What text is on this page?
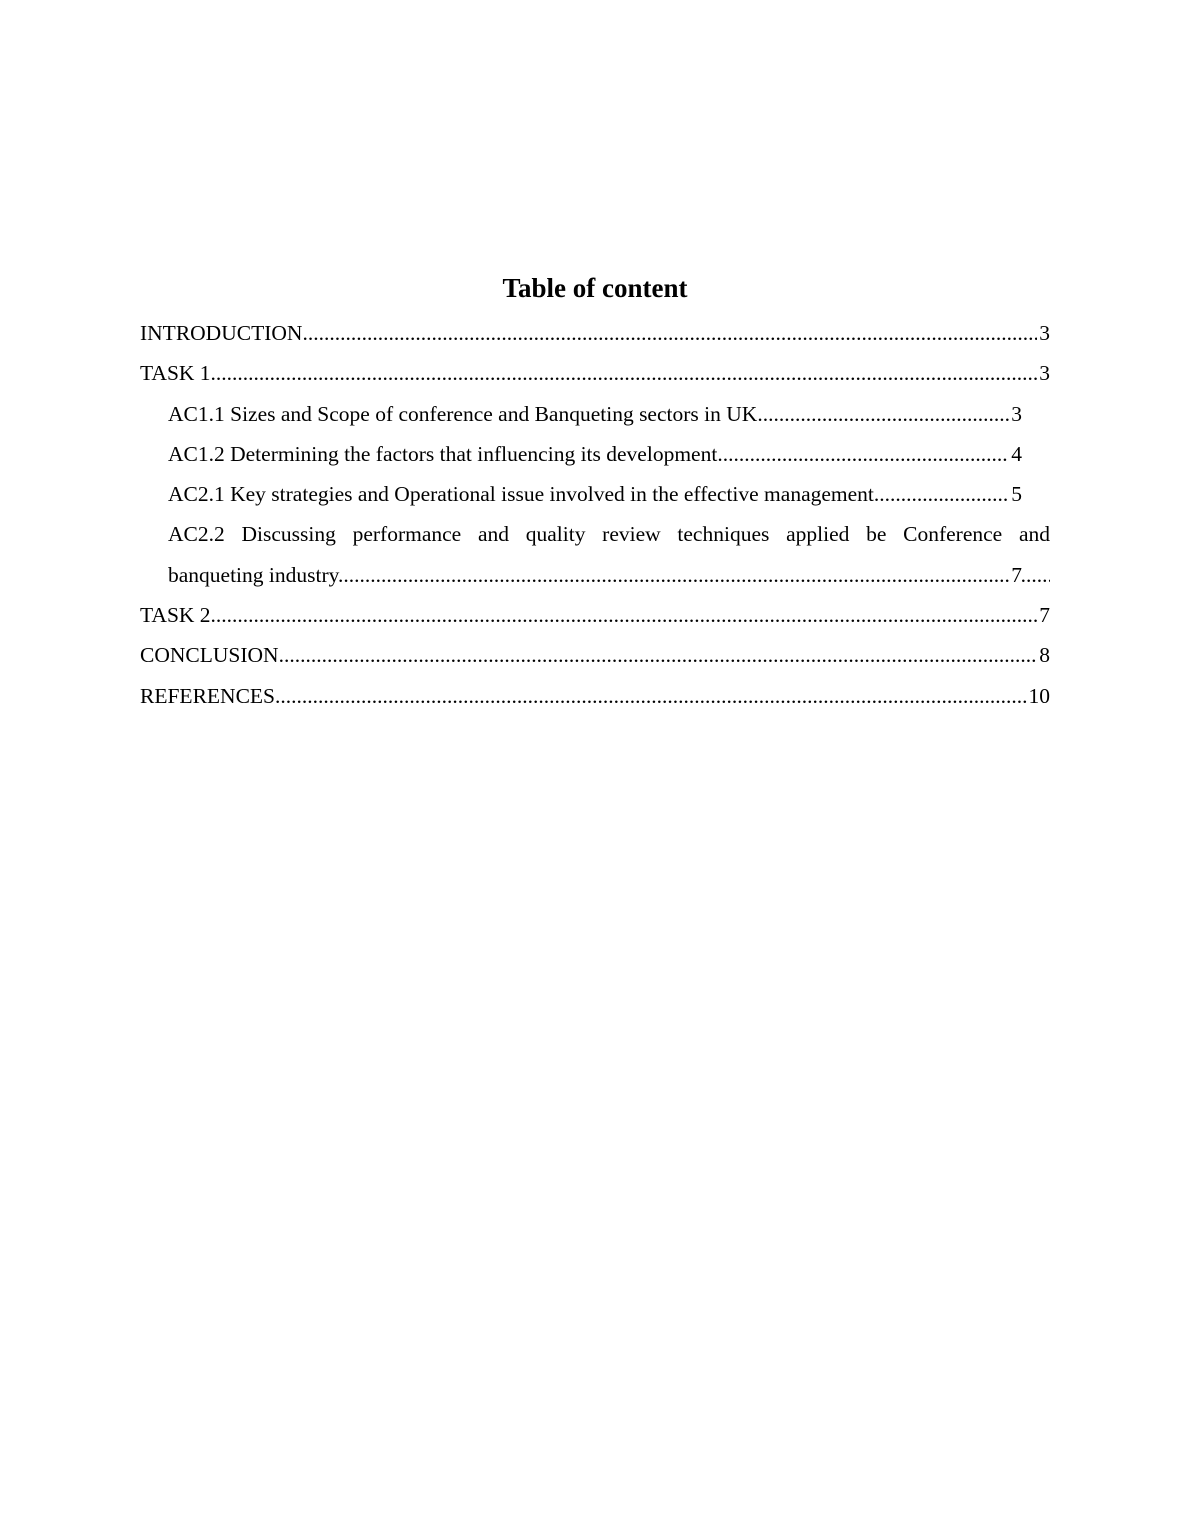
Table of content
INTRODUCTION .....	3
TASK 1 .....	3
AC1.1 Sizes and Scope of conference and Banqueting sectors in UK .....	3
AC1.2 Determining the factors that influencing its development .....	4
AC2.1 Key strategies and Operational issue involved in the effective management .....	5
AC2.2 Discussing performance and quality review techniques applied be Conference and
banqueting industry .....	7
TASK 2 .....	7
CONCLUSION .....	8
REFERENCES .....	10
